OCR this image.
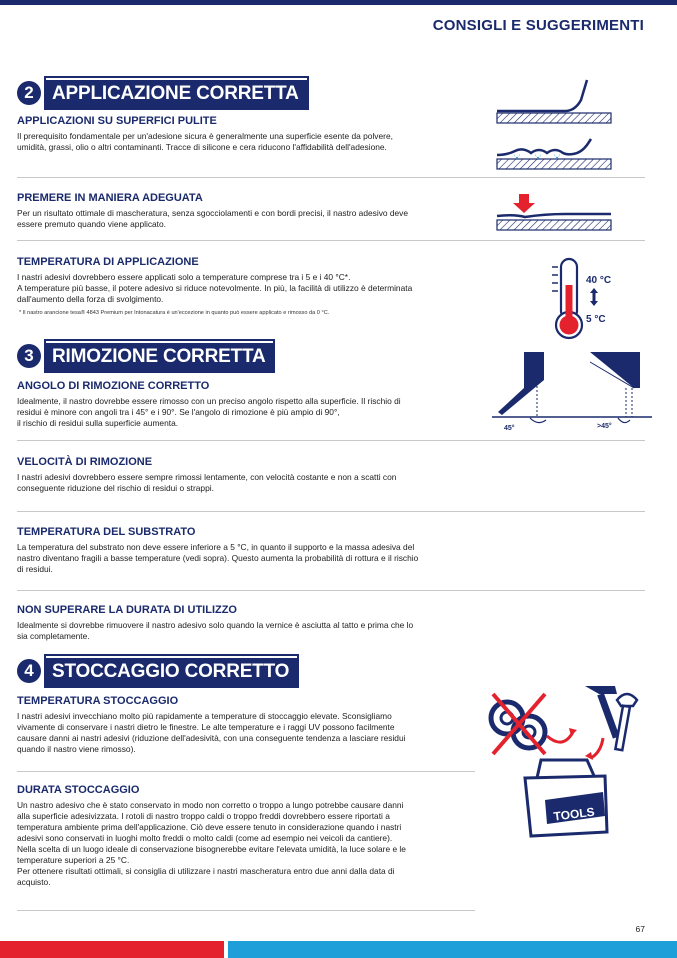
CONSIGLI E SUGGERIMENTI
2 APPLICAZIONE CORRETTA
APPLICAZIONI SU SUPERFICI PULITE
Il prerequisito fondamentale per un'adesione sicura è generalmente una superficie esente da polvere,
umidità, grassi, olio o altri contaminanti. Tracce di silicone e cera riducono l'affidabilità dell'adesione.
PREMERE IN MANIERA ADEGUATA
Per un risultato ottimale di mascheratura, senza sgocciolamenti e con bordi precisi, il nastro adesivo deve
essere premuto quando viene applicato.
TEMPERATURA DI APPLICAZIONE
I nastri adesivi dovrebbero essere applicati solo a temperature comprese tra i 5 e i 40 °C*.
A temperature più basse, il potere adesivo si riduce notevolmente. In più, la facilità di utilizzo è determinata
dall'aumento della forza di svolgimento.
* Il nastro arancione tesa® 4843 Premium per Intonacatura è un'eccezione in quanto può essere applicato e rimosso da 0 °C.
40 °C
5 °C
3 RIMOZIONE CORRETTA
ANGOLO DI RIMOZIONE CORRETTO
Idealmente, il nastro dovrebbe essere rimosso con un preciso angolo rispetto alla superficie. Il rischio di
residui è minore con angoli tra i 45° e i 90°. Se l'angolo di rimozione è più ampio di 90°,
il rischio di residui sulla superficie aumenta.
45°	>45°
VELOCITÀ DI RIMOZIONE
I nastri adesivi dovrebbero essere sempre rimossi lentamente, con velocità costante e non a scatti con
conseguente riduzione del rischio di residui o strappi.
TEMPERATURA DEL SUBSTRATO
La temperatura del substrato non deve essere inferiore a 5 °C, in quanto il supporto e la massa adesiva del
nastro diventano fragili a basse temperature (vedi sopra). Questo aumenta la probabilità di rottura e il rischio
di residui.
NON SUPERARE LA DURATA DI UTILIZZO
Idealmente si dovrebbe rimuovere il nastro adesivo solo quando la vernice è asciutta al tatto e prima che lo
sia completamente.
4 STOCCAGGIO CORRETTO
TEMPERATURA STOCCAGGIO
I nastri adesivi invecchiano molto più rapidamente a temperature di stoccaggio elevate. Sconsigliamo
vivamente di conservare i nastri dietro le finestre. Le alte temperature e i raggi UV possono facilmente
causare danni ai nastri adesivi (riduzione dell'adesività, con una conseguente tendenza a lasciare residui
quando il nastro viene rimosso).
DURATA STOCCAGGIO
Un nastro adesivo che è stato conservato in modo non corretto o troppo a lungo potrebbe causare danni
alla superficie adesivizzata. I rotoli di nastro troppo caldi o troppo freddi dovrebbero essere riportati a
temperatura ambiente prima dell'applicazione. Ciò deve essere tenuto in considerazione quando i nastri
adesivi sono conservati in luoghi molto freddi o molto caldi (come ad esempio nei veicoli da cantiere).
Nella scelta di un luogo ideale di conservazione bisognerebbe evitare l'elevata umidità, la luce solare e le
temperature superiori a 25 °C.
Per ottenere risultati ottimali, si consiglia di utilizzare i nastri mascheratura entro due anni dalla data di
acquisto.
TOOLS
67
